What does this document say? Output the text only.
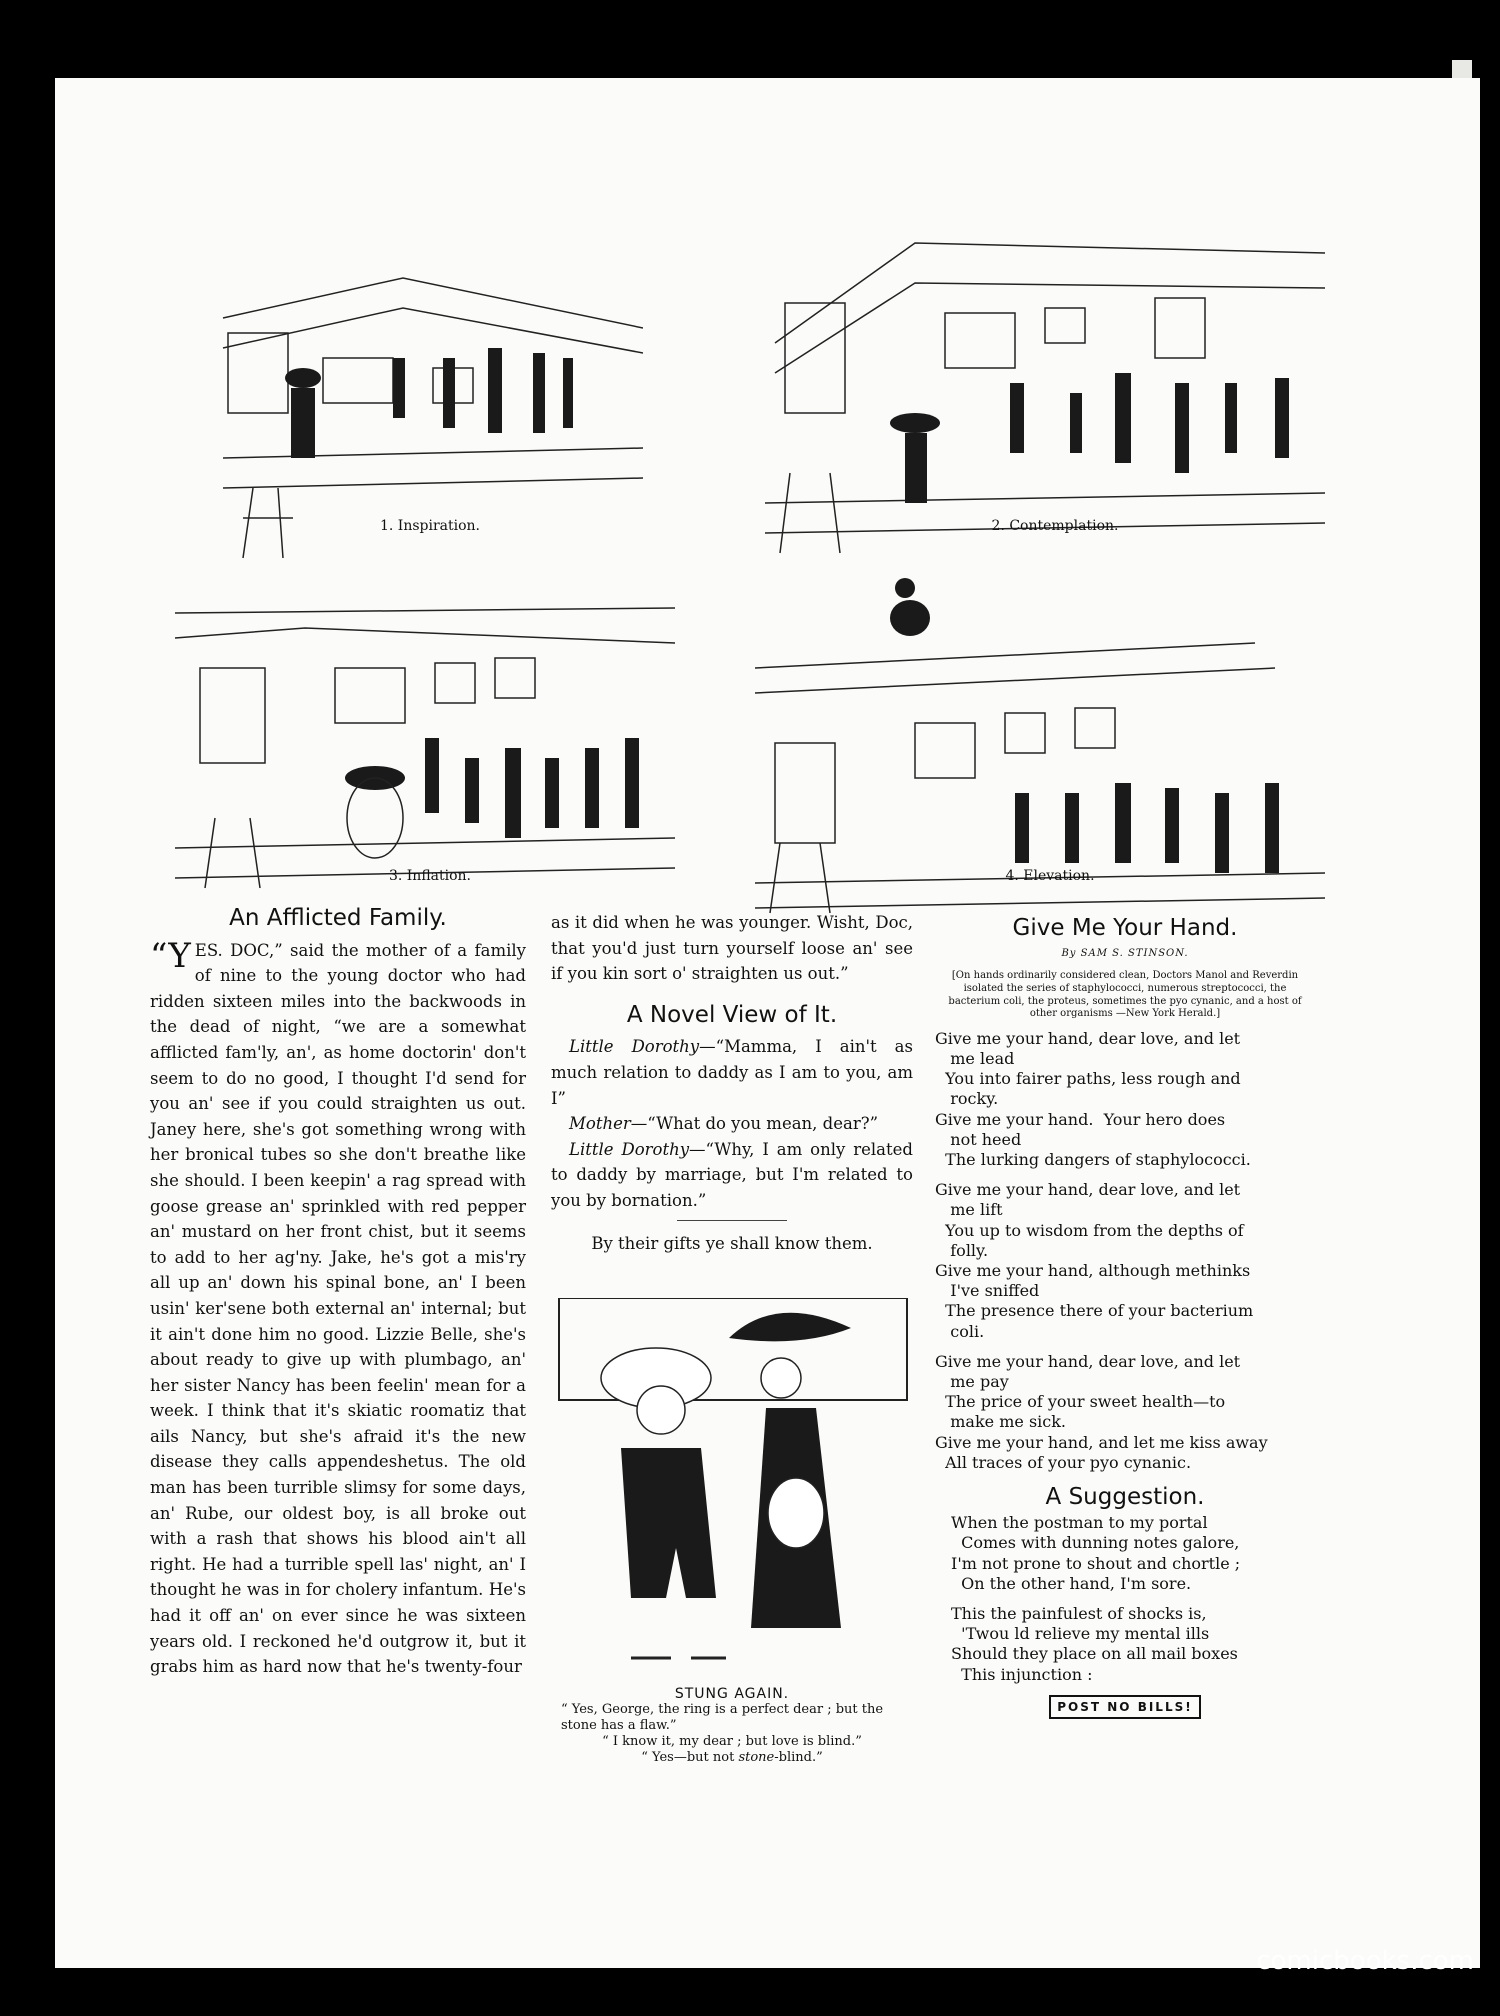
1. Inspiration.	2. Contemplation.
3. Inflation.	4. Elevation.
An Afflicted Family.

“YES. DOC,” said the mother of a family of nine to the young doctor who had ridden sixteen miles into the backwoods in the dead of night, “we are a somewhat afflicted fam'ly, an', as home doctorin' don't seem to do no good, I thought I'd send for you an' see if you could straighten us out. Janey here, she's got something wrong with her bronical tubes so she don't breathe like she should. I been keepin' a rag spread with goose grease an' sprinkled with red pepper an' mustard on her front chist, but it seems to add to her ag'ny. Jake, he's got a mis'ry all up an' down his spinal bone, an' I been usin' ker'sene both external an' internal; but it ain't done him no good. Lizzie Belle, she's about ready to give up with plumbago, an' her sister Nancy has been feelin' mean for a week. I think that it's skiatic roomatiz that ails Nancy, but she's afraid it's the new disease they calls appendeshetus. The old man has been turrible slimsy for some days, an' Rube, our oldest boy, is all broke out with a rash that shows his blood ain't all right. He had a turrible spell las' night, an' I thought he was in for cholery infantum. He's had it off an' on ever since he was sixteen years old. I reckoned he'd outgrow it, but it grabs him as hard now that he's twenty-four

as it did when he was younger. Wisht, Doc, that you'd just turn yourself loose an' see if you kin sort o' straighten us out.”

A Novel View of It.

Little Dorothy—“Mamma, I ain't as much relation to daddy as I am to you, am I”

Mother—“What do you mean, dear?”

Little Dorothy—“Why, I am only related to daddy by marriage, but I'm related to you by bornation.”

By their gifts ye shall know them.

STUNG AGAIN.
“ Yes, George, the ring is a perfect dear ; but the stone has a flaw.”
“ I know it, my dear ; but love is blind.”
“ Yes—but not stone-blind.”
Give Me Your Hand.
By SAM S. STINSON.
[On hands ordinarily considered clean, Doctors Manol and Reverdin isolated the series of staphylococci, numerous streptococci, the bacterium coli, the proteus, sometimes the pyo cynanic, and a host of other organisms —New York Herald.]
Give me your hand, dear love, and let
me lead
You into fairer paths, less rough and
rocky.
Give me your hand.  Your hero does
not heed
The lurking dangers of staphylococci.
Give me your hand, dear love, and let
me lift
You up to wisdom from the depths of
folly.
Give me your hand, although methinks
I've sniffed
The presence there of your bacterium
coli.
Give me your hand, dear love, and let
me pay
The price of your sweet health—to
make me sick.
Give me your hand, and let me kiss away
All traces of your pyo cynanic.
A Suggestion.
When the postman to my portal
Comes with dunning notes galore,
I'm not prone to shout and chortle ;
On the other hand, I'm sore.
This the painfulest of shocks is,
'Twou ld relieve my mental ills
Should they place on all mail boxes
This injunction :
POST NO BILLS!
comicbooks.com
